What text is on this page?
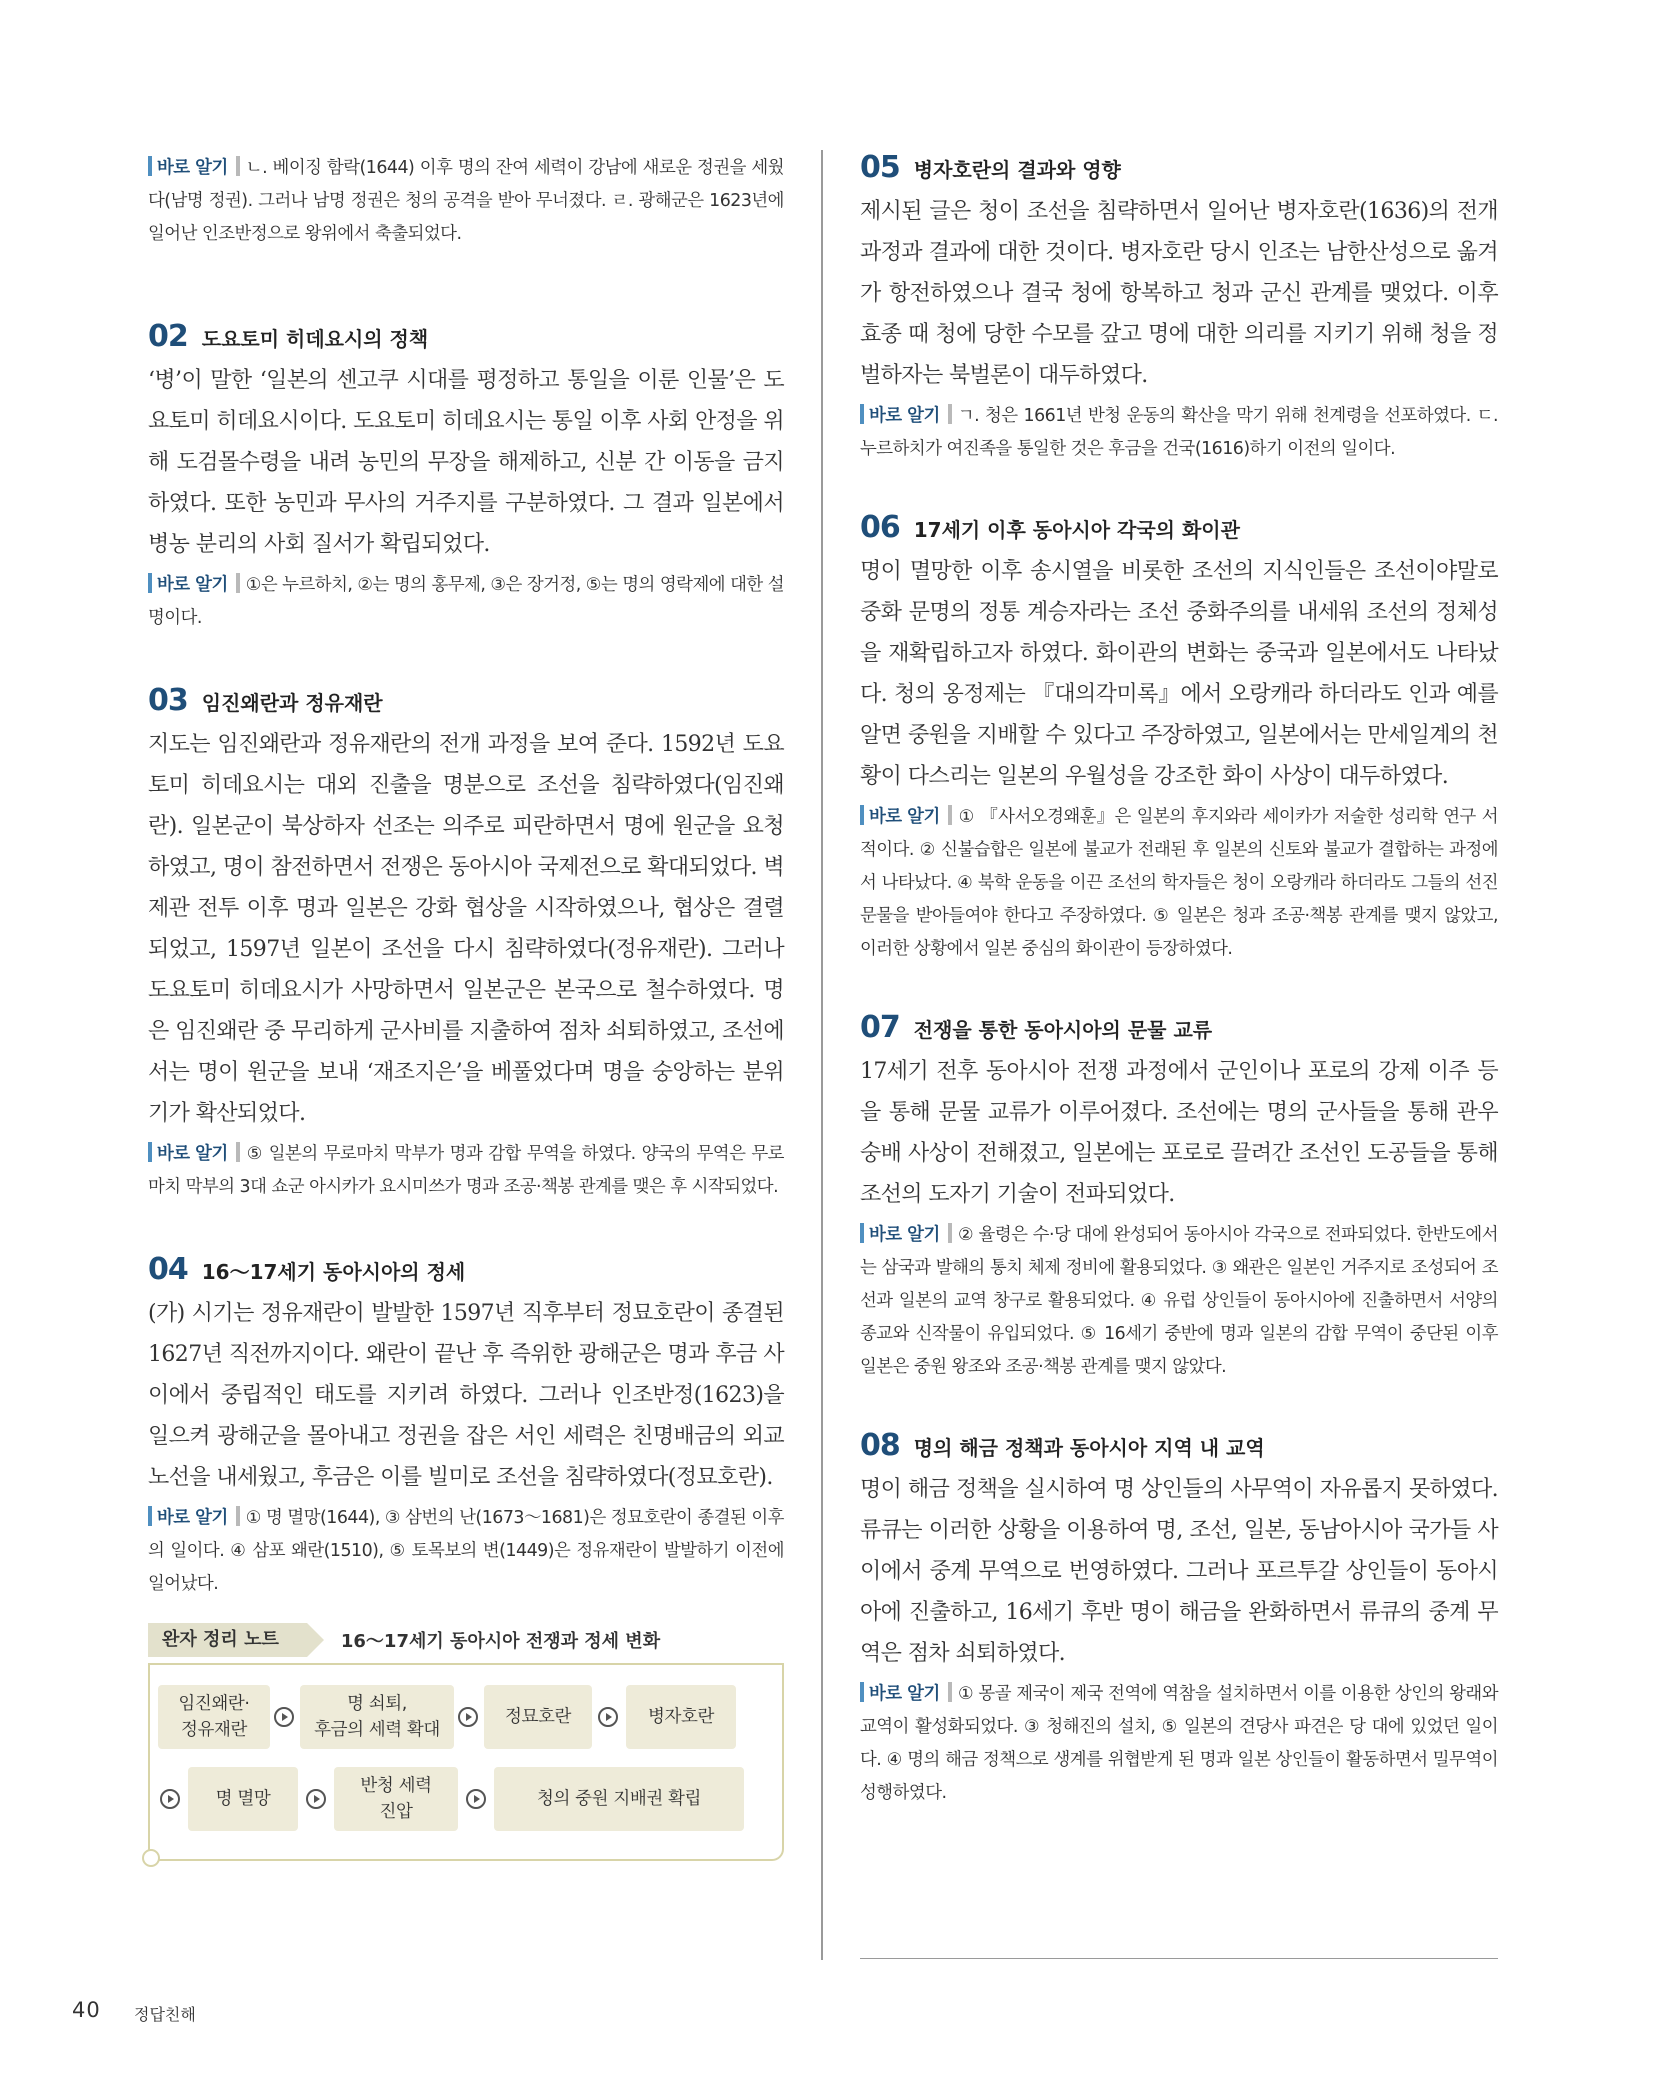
바로 알기 ㄴ. 베이징 함락(1644) 이후 명의 잔여 세력이 강남에 새로운 정권을 세웠다(남명 정권). 그러나 남명 정권은 청의 공격을 받아 무너졌다. ㄹ. 광해군은 1623년에 일어난 인조반정으로 왕위에서 축출되었다.

02 도요토미 히데요시의 정책

‘병’이 말한 ‘일본의 센고쿠 시대를 평정하고 통일을 이룬 인물’은 도요토미 히데요시이다. 도요토미 히데요시는 통일 이후 사회 안정을 위해 도검몰수령을 내려 농민의 무장을 해제하고, 신분 간 이동을 금지하였다. 또한 농민과 무사의 거주지를 구분하였다. 그 결과 일본에서 병농 분리의 사회 질서가 확립되었다.

바로 알기 ①은 누르하치, ②는 명의 홍무제, ③은 장거정, ⑤는 명의 영락제에 대한 설명이다.

03 임진왜란과 정유재란

지도는 임진왜란과 정유재란의 전개 과정을 보여 준다. 1592년 도요토미 히데요시는 대외 진출을 명분으로 조선을 침략하였다(임진왜란). 일본군이 북상하자 선조는 의주로 피란하면서 명에 원군을 요청하였고, 명이 참전하면서 전쟁은 동아시아 국제전으로 확대되었다. 벽제관 전투 이후 명과 일본은 강화 협상을 시작하였으나, 협상은 결렬되었고, 1597년 일본이 조선을 다시 침략하였다(정유재란). 그러나 도요토미 히데요시가 사망하면서 일본군은 본국으로 철수하였다. 명은 임진왜란 중 무리하게 군사비를 지출하여 점차 쇠퇴하였고, 조선에서는 명이 원군을 보내 ‘재조지은’을 베풀었다며 명을 숭앙하는 분위기가 확산되었다.

바로 알기 ⑤ 일본의 무로마치 막부가 명과 감합 무역을 하였다. 양국의 무역은 무로마치 막부의 3대 쇼군 아시카가 요시미쓰가 명과 조공·책봉 관계를 맺은 후 시작되었다.

04 16～17세기 동아시아의 정세

(가) 시기는 정유재란이 발발한 1597년 직후부터 정묘호란이 종결된 1627년 직전까지이다. 왜란이 끝난 후 즉위한 광해군은 명과 후금 사이에서 중립적인 태도를 지키려 하였다. 그러나 인조반정(1623)을 일으켜 광해군을 몰아내고 정권을 잡은 서인 세력은 친명배금의 외교 노선을 내세웠고, 후금은 이를 빌미로 조선을 침략하였다(정묘호란).

바로 알기 ① 명 멸망(1644), ③ 삼번의 난(1673～1681)은 정묘호란이 종결된 이후의 일이다. ④ 삼포 왜란(1510), ⑤ 토목보의 변(1449)은 정유재란이 발발하기 이전에 일어났다.

완자 정리 노트	16～17세기 동아시아 전쟁과 정세 변화
임진왜란·
정유재란
명 쇠퇴,
후금의 세력 확대
정묘호란	병자호란
명 멸망
반청 세력
진압
청의 중원 지배권 확립
05 병자호란의 결과와 영향

제시된 글은 청이 조선을 침략하면서 일어난 병자호란(1636)의 전개 과정과 결과에 대한 것이다. 병자호란 당시 인조는 남한산성으로 옮겨 가 항전하였으나 결국 청에 항복하고 청과 군신 관계를 맺었다. 이후 효종 때 청에 당한 수모를 갚고 명에 대한 의리를 지키기 위해 청을 정벌하자는 북벌론이 대두하였다.

바로 알기 ㄱ. 청은 1661년 반청 운동의 확산을 막기 위해 천계령을 선포하였다. ㄷ. 누르하치가 여진족을 통일한 것은 후금을 건국(1616)하기 이전의 일이다.

06 17세기 이후 동아시아 각국의 화이관

명이 멸망한 이후 송시열을 비롯한 조선의 지식인들은 조선이야말로 중화 문명의 정통 계승자라는 조선 중화주의를 내세워 조선의 정체성을 재확립하고자 하였다. 화이관의 변화는 중국과 일본에서도 나타났다. 청의 옹정제는 『대의각미록』에서 오랑캐라 하더라도 인과 예를 알면 중원을 지배할 수 있다고 주장하였고, 일본에서는 만세일계의 천황이 다스리는 일본의 우월성을 강조한 화이 사상이 대두하였다.

바로 알기 ① 『사서오경왜훈』은 일본의 후지와라 세이카가 저술한 성리학 연구 서적이다. ② 신불습합은 일본에 불교가 전래된 후 일본의 신토와 불교가 결합하는 과정에서 나타났다. ④ 북학 운동을 이끈 조선의 학자들은 청이 오랑캐라 하더라도 그들의 선진 문물을 받아들여야 한다고 주장하였다. ⑤ 일본은 청과 조공·책봉 관계를 맺지 않았고, 이러한 상황에서 일본 중심의 화이관이 등장하였다.

07 전쟁을 통한 동아시아의 문물 교류

17세기 전후 동아시아 전쟁 과정에서 군인이나 포로의 강제 이주 등을 통해 문물 교류가 이루어졌다. 조선에는 명의 군사들을 통해 관우 숭배 사상이 전해졌고, 일본에는 포로로 끌려간 조선인 도공들을 통해 조선의 도자기 기술이 전파되었다.

바로 알기 ② 율령은 수·당 대에 완성되어 동아시아 각국으로 전파되었다. 한반도에서는 삼국과 발해의 통치 체제 정비에 활용되었다. ③ 왜관은 일본인 거주지로 조성되어 조선과 일본의 교역 창구로 활용되었다. ④ 유럽 상인들이 동아시아에 진출하면서 서양의 종교와 신작물이 유입되었다. ⑤ 16세기 중반에 명과 일본의 감합 무역이 중단된 이후 일본은 중원 왕조와 조공·책봉 관계를 맺지 않았다.

08 명의 해금 정책과 동아시아 지역 내 교역

명이 해금 정책을 실시하여 명 상인들의 사무역이 자유롭지 못하였다. 류큐는 이러한 상황을 이용하여 명, 조선, 일본, 동남아시아 국가들 사이에서 중계 무역으로 번영하였다. 그러나 포르투갈 상인들이 동아시아에 진출하고, 16세기 후반 명이 해금을 완화하면서 류큐의 중계 무역은 점차 쇠퇴하였다.

바로 알기 ① 몽골 제국이 제국 전역에 역참을 설치하면서 이를 이용한 상인의 왕래와 교역이 활성화되었다. ③ 청해진의 설치, ⑤ 일본의 견당사 파견은 당 대에 있었던 일이다. ④ 명의 해금 정책으로 생계를 위협받게 된 명과 일본 상인들이 활동하면서 밀무역이 성행하였다.

40 정답친해
